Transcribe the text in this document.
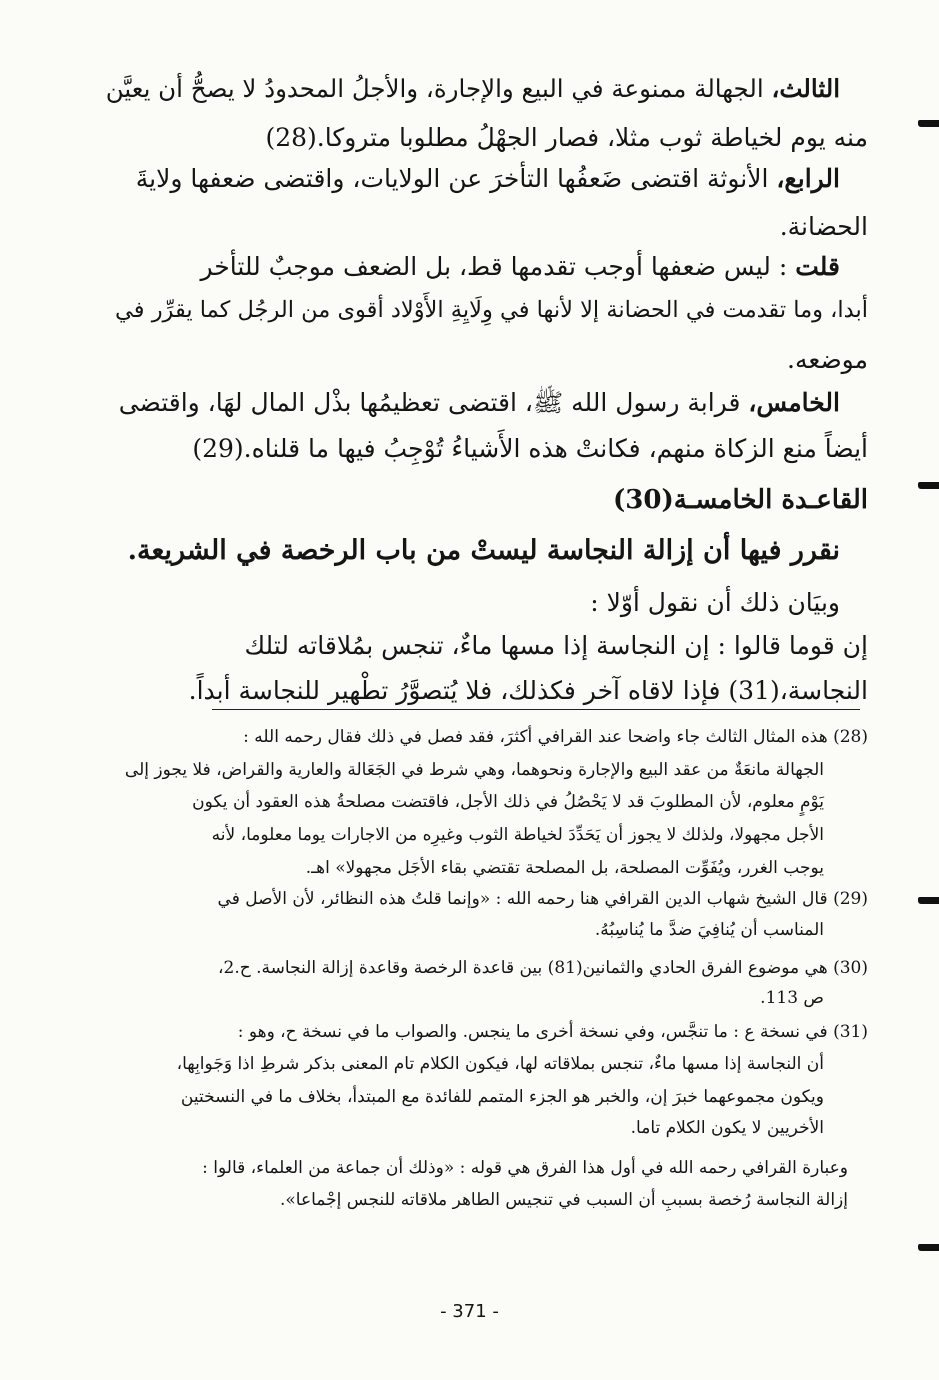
الثالث، الجهالة ممنوعة في البيع والإجارة، والأجلُ المحدودُ لا يصحُّ أن يعيَّن
منه يوم لخياطة ثوب مثلا، فصار الجهْلُ مطلوبا متروكا.(28)
الرابع، الأنوثة اقتضى ضَعفُها التأخرَ عن الولايات، واقتضى ضعفها ولايةَ
الحضانة.
قلت : ليس ضعفها أوجب تقدمها قط، بل الضعف موجبٌ للتأخر
أبدا، وما تقدمت في الحضانة إلا لأنها في وِلَايِةِ الأَوْلاد أقوى من الرجُل كما يقرِّر في
موضعه.
الخامس، قرابة رسول الله ﷺ، اقتضى تعظيمُها بذْل المال لهَا، واقتضى
أيضاً منع الزكاة منهم، فكانتْ هذه الأَشياءُ تُوْجِبُ فيها ما قلناه.(29)
القاعـدة الخامسـة(30)
نقرر فيها أن إزالة النجاسة ليستْ من باب الرخصة في الشريعة.
وبيَان ذلك أن نقول أوّلا :
إن قوما قالوا : إن النجاسة إذا مسها ماءٌ، تنجس بمُلاقاته لتلك
النجاسة،(31) فإذا لاقاه آخر فكذلك، فلا يُتصوَّرُ تطْهير للنجاسة أبداً.
(28) هذه المثال الثالث جاء واضحا عند القرافي أكثرَ، فقد فصل في ذلك فقال رحمه الله :
الجهالة مانعَةٌ من عقد البيع والإجارة ونحوهما، وهي شرط في الجَعَالة والعارية والقراض، فلا يجوز إلى
يَوْمٍ معلوم، لأن المطلوبَ قد لا يَحْصُلُ في ذلك الأجل، فاقتضت مصلحةُ هذه العقود أن يكون
الأجل مجهولا، ولذلك لا يجوز أن يَحَدِّدَ لخياطة الثوب وغيرِه من الاجارات يوما معلوما، لأنه
يوجب الغرر، ويُفَوِّت المصلحة، بل المصلحة تقتضي بقاء الأجَل مجهولا» اهـ.
(29) قال الشيخ شهاب الدين القرافي هنا رحمه الله : «وإنما قلتُ هذه النظائر، لأن الأصل في
المناسب أن يُنافِيَ ضدَّ ما يُناسِبُهُ.
(30) هي موضوع الفرق الحادي والثمانين(81) بين قاعدة الرخصة وقاعدة إزالة النجاسة. ح.2،
ص 113.
(31) في نسخة ع : ما تنجَّس، وفي نسخة أخرى ما ينجس. والصواب ما في نسخة ح، وهو :
أن النجاسة إذا مسها ماءٌ، تنجس بملاقاته لها، فيكون الكلام تام المعنى بذكر شرطِ اذا وَجَوابِها،
ويكون مجموعهما خبرَ إن، والخبر هو الجزء المتمم للفائدة مع المبتدأ، بخلاف ما في النسختين
الأخريين لا يكون الكلام تاما.
وعبارة القرافي رحمه الله في أول هذا الفرق هي قوله : «وذلك أن جماعة من العلماء، قالوا :
إزالة النجاسة رُخصة بسببِ أن السبب في تنجيس الطاهر ملاقاته للنجس إجْماعا».
- 371 -
